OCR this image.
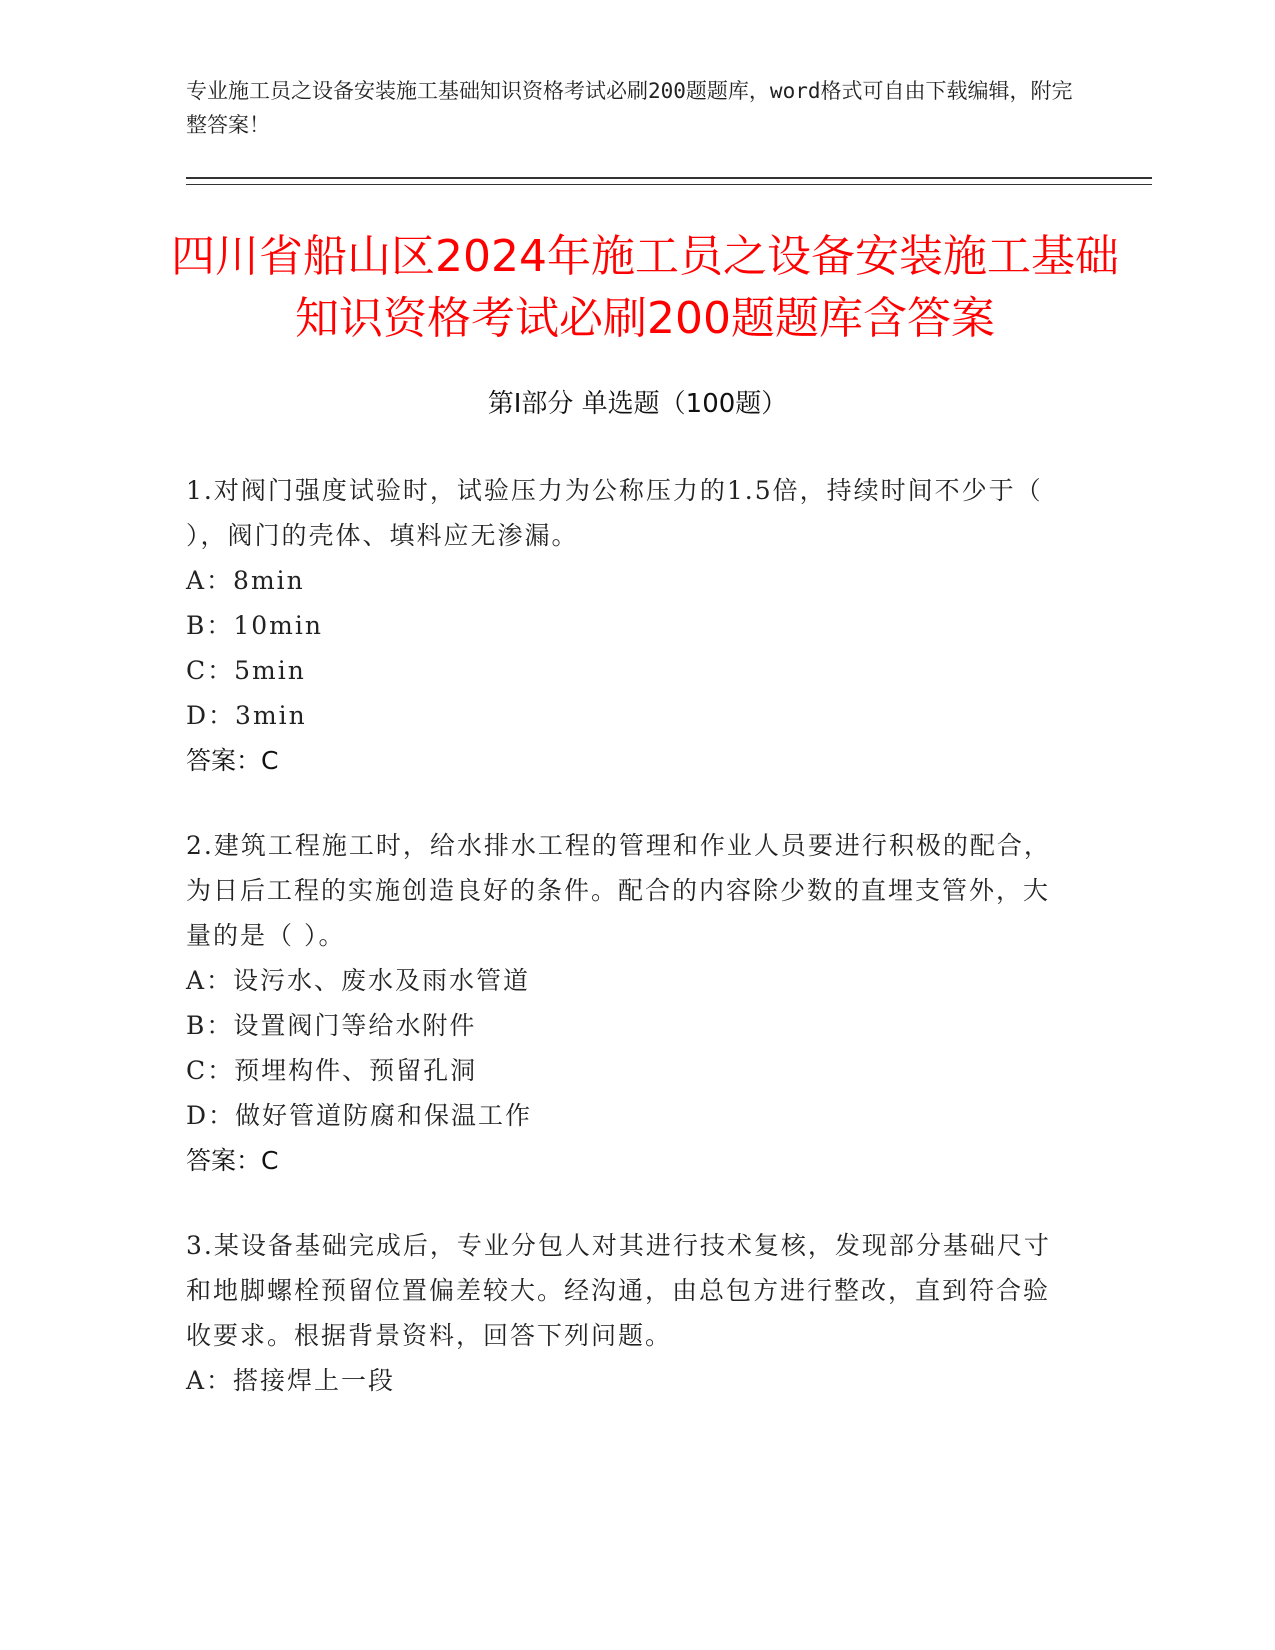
专业施工员之设备安装施工基础知识资格考试必刷200题题库，word格式可自由下载编辑，附完整答案！
四川省船山区2024年施工员之设备安装施工基础知识资格考试必刷200题题库含答案
第Ⅰ部分 单选题（100题）

1.对阀门强度试验时，试验压力为公称压力的1.5倍，持续时间不少于（ ），阀门的壳体、填料应无渗漏。

A：8min

B：10min

C：5min

D：3min

答案：C

2.建筑工程施工时，给水排水工程的管理和作业人员要进行积极的配合，为日后工程的实施创造良好的条件。配合的内容除少数的直埋支管外，大量的是（ ）。

A：设污水、废水及雨水管道

B：设置阀门等给水附件

C：预埋构件、预留孔洞

D：做好管道防腐和保温工作

答案：C

3.某设备基础完成后，专业分包人对其进行技术复核，发现部分基础尺寸和地脚螺栓预留位置偏差较大。经沟通，由总包方进行整改，直到符合验收要求。根据背景资料，回答下列问题。

A：搭接焊上一段
